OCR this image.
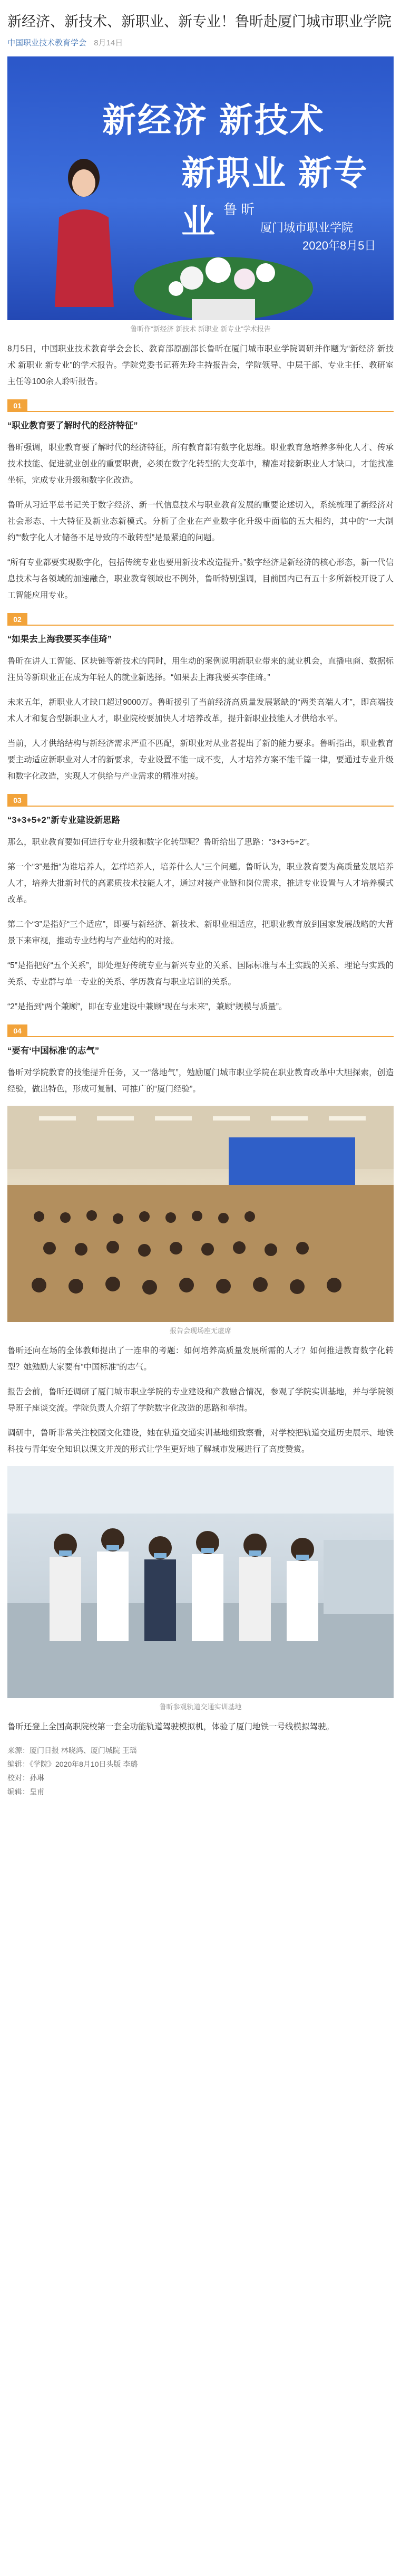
新经济、新技术、新职业、新专业！鲁昕赴厦门城市职业学院
中国职业技术教育学会 8月14日
新经济 新技术
新职业 新专业 鲁 昕
厦门城市职业学院
2020年8月5日
鲁昕作“新经济 新技术 新职业 新专业”学术报告

8月5日，中国职业技术教育学会会长、教育部原副部长鲁昕在厦门城市职业学院调研并作题为“新经济 新技术 新职业 新专业”的学术报告。学院党委书记蒋先玲主持报告会，学院领导、中层干部、专业主任、教研室主任等100余人聆听报告。

01
“职业教育要了解时代的经济特征”

鲁昕强调，职业教育要了解时代的经济特征，所有教育都有数字化思维。职业教育急培养多种化人才、传承技术技能、促进就业创业的重要职责，必须在数字化转型的大变革中，精准对接新职业人才缺口，才能找准坐标，完成专业升级和数字化改造。

鲁昕从习近平总书记关于数字经济、新一代信息技术与职业教育发展的重要论述切入，系统梳理了新经济对社会形态、十大特征及新业态新模式。分析了企业在产业数字化升级中面临的五大相约，其中的“一大制约”“数字化人才储备不足导致的不敢转型”是最紧迫的问题。

“所有专业都要实现数字化，包括传统专业也要用新技术改造提升。”数字经济是新经济的核心形态，新一代信息技术与各领域的加速融合，职业教育领域也不例外，鲁昕特别强调，目前国内已有五十多所新校开设了人工智能应用专业。

02
“如果去上海我要买李佳琦”

鲁昕在讲人工智能、区块链等新技术的同时，用生动的案例说明新职业带来的就业机会，直播电商、数据标注员等新职业正在成为年轻人的就业新选择。“如果去上海我要买李佳琦。”

未来五年，新职业人才缺口超过9000万。鲁昕援引了当前经济高质量发展紧缺的“两类高端人才”，即高端技术人才和复合型新职业人才，职业院校要加快人才培养改革，提升新职业技能人才供给水平。

当前，人才供给结构与新经济需求严重不匹配，新职业对从业者提出了新的能力要求。鲁昕指出，职业教育要主动适应新职业对人才的新要求，专业设置不能一成不变，人才培养方案不能千篇一律，要通过专业升级和数字化改造，实现人才供给与产业需求的精准对接。

03
“3+3+5+2”新专业建设新思路

那么，职业教育要如何进行专业升级和数字化转型呢？鲁昕给出了思路：“3+3+5+2”。

第一个“3”是指“为谁培养人，怎样培养人，培养什么人”三个问题。鲁昕认为，职业教育要为高质量发展培养人才，培养大批新时代的高素质技术技能人才，通过对接产业链和岗位需求，推进专业设置与人才培养模式改革。

第二个“3”是指好“三个适应”，即要与新经济、新技术、新职业相适应，把职业教育放到国家发展战略的大背景下来审视，推动专业结构与产业结构的对接。

“5”是指把好“五个关系”，即处理好传统专业与新兴专业的关系、国际标准与本土实践的关系、理论与实践的关系、专业群与单一专业的关系、学历教育与职业培训的关系。

“2”是指到“两个兼顾”，即在专业建设中兼顾“现在与未来”，兼顾“规模与质量”。

04
“要有‘中国标准’的志气”

鲁昕对学院教育的技能提升任务，又一“落地气”，勉励厦门城市职业学院在职业教育改革中大胆探索，创造经验，做出特色，形成可复制、可推广的“厦门经验”。

报告会现场座无虚席

鲁昕还向在场的全体教师提出了一连串的考题：如何培养高质量发展所需的人才？如何推进教育数字化转型？她勉励大家要有“中国标准”的志气。

报告会前，鲁昕还调研了厦门城市职业学院的专业建设和产教融合情况，参观了学院实训基地，并与学院领导班子座谈交流。学院负责人介绍了学院数字化改造的思路和举措。

调研中，鲁昕非常关注校园文化建设，她在轨道交通实训基地细致察看，对学校把轨道交通历史展示、地铁科技与青年安全知识以课文并茂的形式让学生更好地了解城市发展进行了高度赞赏。

鲁昕参观轨道交通实训基地

鲁昕还登上全国高职院校第一套全功能轨道驾驶模拟机，体验了厦门地铁一号线模拟驾驶。

来源：厦门日报 林晓鸿、厦门城院 王瑶
编辑：《学院》2020年8月10日头版 李璐
校对：孙琳
编辑：皇甫
